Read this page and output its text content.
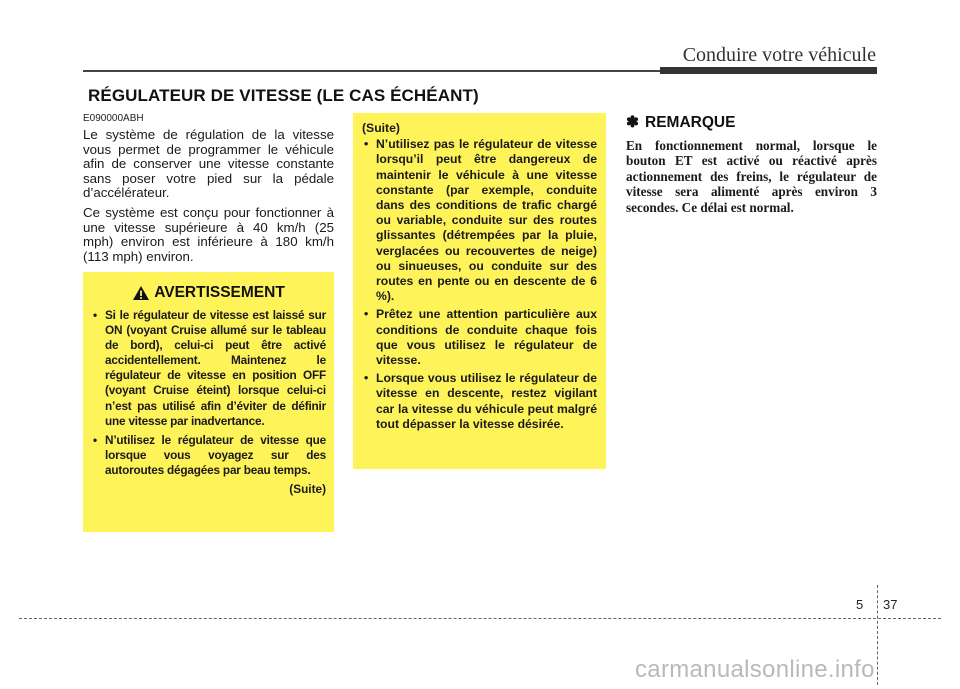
Conduire votre véhicule
RÉGULATEUR DE VITESSE (LE CAS ÉCHÉANT)

E090000ABH

Le système de régulation de la vitesse vous permet de programmer le véhicule afin de conserver une vitesse constante sans poser votre pied sur la pédale d’accélérateur.

Ce système est conçu pour fonctionner à une vitesse supérieure à 40 km/h (25 mph) environ est inférieure à 180 km/h (113 mph) environ.

AVERTISSEMENT
• Si le régulateur de vitesse est laissé sur ON (voyant Cruise allumé sur le tableau de bord), celui-ci peut être activé accidentellement. Maintenez le régulateur de vitesse en position OFF (voyant Cruise éteint) lorsque celui-ci n’est pas utilisé afin d’éviter de définir une vitesse par inadvertance.
• N’utilisez le régulateur de vitesse que lorsque vous voyagez sur des autoroutes dégagées par beau temps.
(Suite)
(Suite)
• N’utilisez pas le régulateur de vitesse lorsqu’il peut être dangereux de maintenir le véhicule à une vitesse constante (par exemple, conduite dans des conditions de trafic chargé ou variable, conduite sur des routes glissantes (détrempées par la pluie, verglacées ou recouvertes de neige) ou sinueuses, ou conduite sur des routes en pente ou en descente de 6 %).
• Prêtez une attention particulière aux conditions de conduite chaque fois que vous utilisez le régulateur de vitesse.
• Lorsque vous utilisez le régulateur de vitesse en descente, restez vigilant car la vitesse du véhicule peut malgré tout dépasser la vitesse désirée.
✽ REMARQUE

En fonctionnement normal, lorsque le bouton ET est activé ou réactivé après actionnement des freins, le régulateur de vitesse sera alimenté après environ 3 secondes. Ce délai est normal.

5 37
carmanualsonline.info
